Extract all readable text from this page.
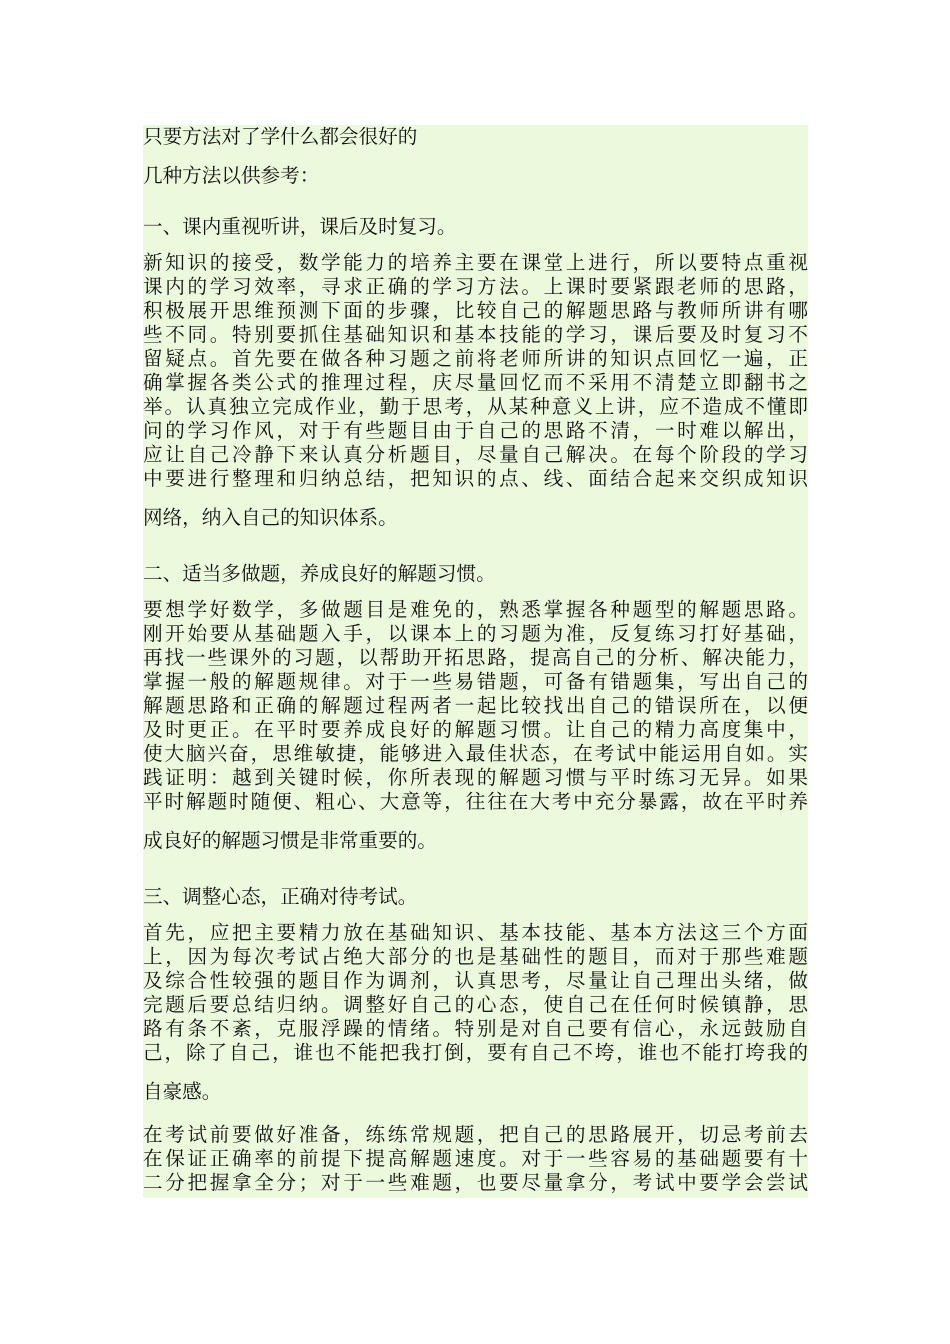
只要方法对了学什么都会很好的

几种方法以供参考：

一、课内重视听讲，课后及时复习。

新知识的接受，数学能力的培养主要在课堂上进行，所以要特点重视
课内的学习效率，寻求正确的学习方法。上课时要紧跟老师的思路，
积极展开思维预测下面的步骤，比较自己的解题思路与教师所讲有哪
些不同。特别要抓住基础知识和基本技能的学习，课后要及时复习不
留疑点。首先要在做各种习题之前将老师所讲的知识点回忆一遍，正
确掌握各类公式的推理过程，庆尽量回忆而不采用不清楚立即翻书之
举。认真独立完成作业，勤于思考，从某种意义上讲，应不造成不懂即
问的学习作风，对于有些题目由于自己的思路不清，一时难以解出，
应让自己冷静下来认真分析题目，尽量自己解决。在每个阶段的学习
中要进行整理和归纳总结，把知识的点、线、面结合起来交织成知识
网络，纳入自己的知识体系。

二、适当多做题，养成良好的解题习惯。

要想学好数学，多做题目是难免的，熟悉掌握各种题型的解题思路。
刚开始要从基础题入手，以课本上的习题为准，反复练习打好基础，
再找一些课外的习题，以帮助开拓思路，提高自己的分析、解决能力，
掌握一般的解题规律。对于一些易错题，可备有错题集，写出自己的
解题思路和正确的解题过程两者一起比较找出自己的错误所在，以便
及时更正。在平时要养成良好的解题习惯。让自己的精力高度集中，
使大脑兴奋，思维敏捷，能够进入最佳状态，在考试中能运用自如。实
践证明：越到关键时候，你所表现的解题习惯与平时练习无异。如果
平时解题时随便、粗心、大意等，往往在大考中充分暴露，故在平时养
成良好的解题习惯是非常重要的。

三、调整心态，正确对待考试。

首先，应把主要精力放在基础知识、基本技能、基本方法这三个方面
上，因为每次考试占绝大部分的也是基础性的题目，而对于那些难题
及综合性较强的题目作为调剂，认真思考，尽量让自己理出头绪，做
完题后要总结归纳。调整好自己的心态，使自己在任何时候镇静，思
路有条不紊，克服浮躁的情绪。特别是对自己要有信心，永远鼓励自
己，除了自己，谁也不能把我打倒，要有自己不垮，谁也不能打垮我的
自豪感。
在考试前要做好准备，练练常规题，把自己的思路展开，切忌考前去
在保证正确率的前提下提高解题速度。对于一些容易的基础题要有十
二分把握拿全分；对于一些难题，也要尽量拿分，考试中要学会尝试
